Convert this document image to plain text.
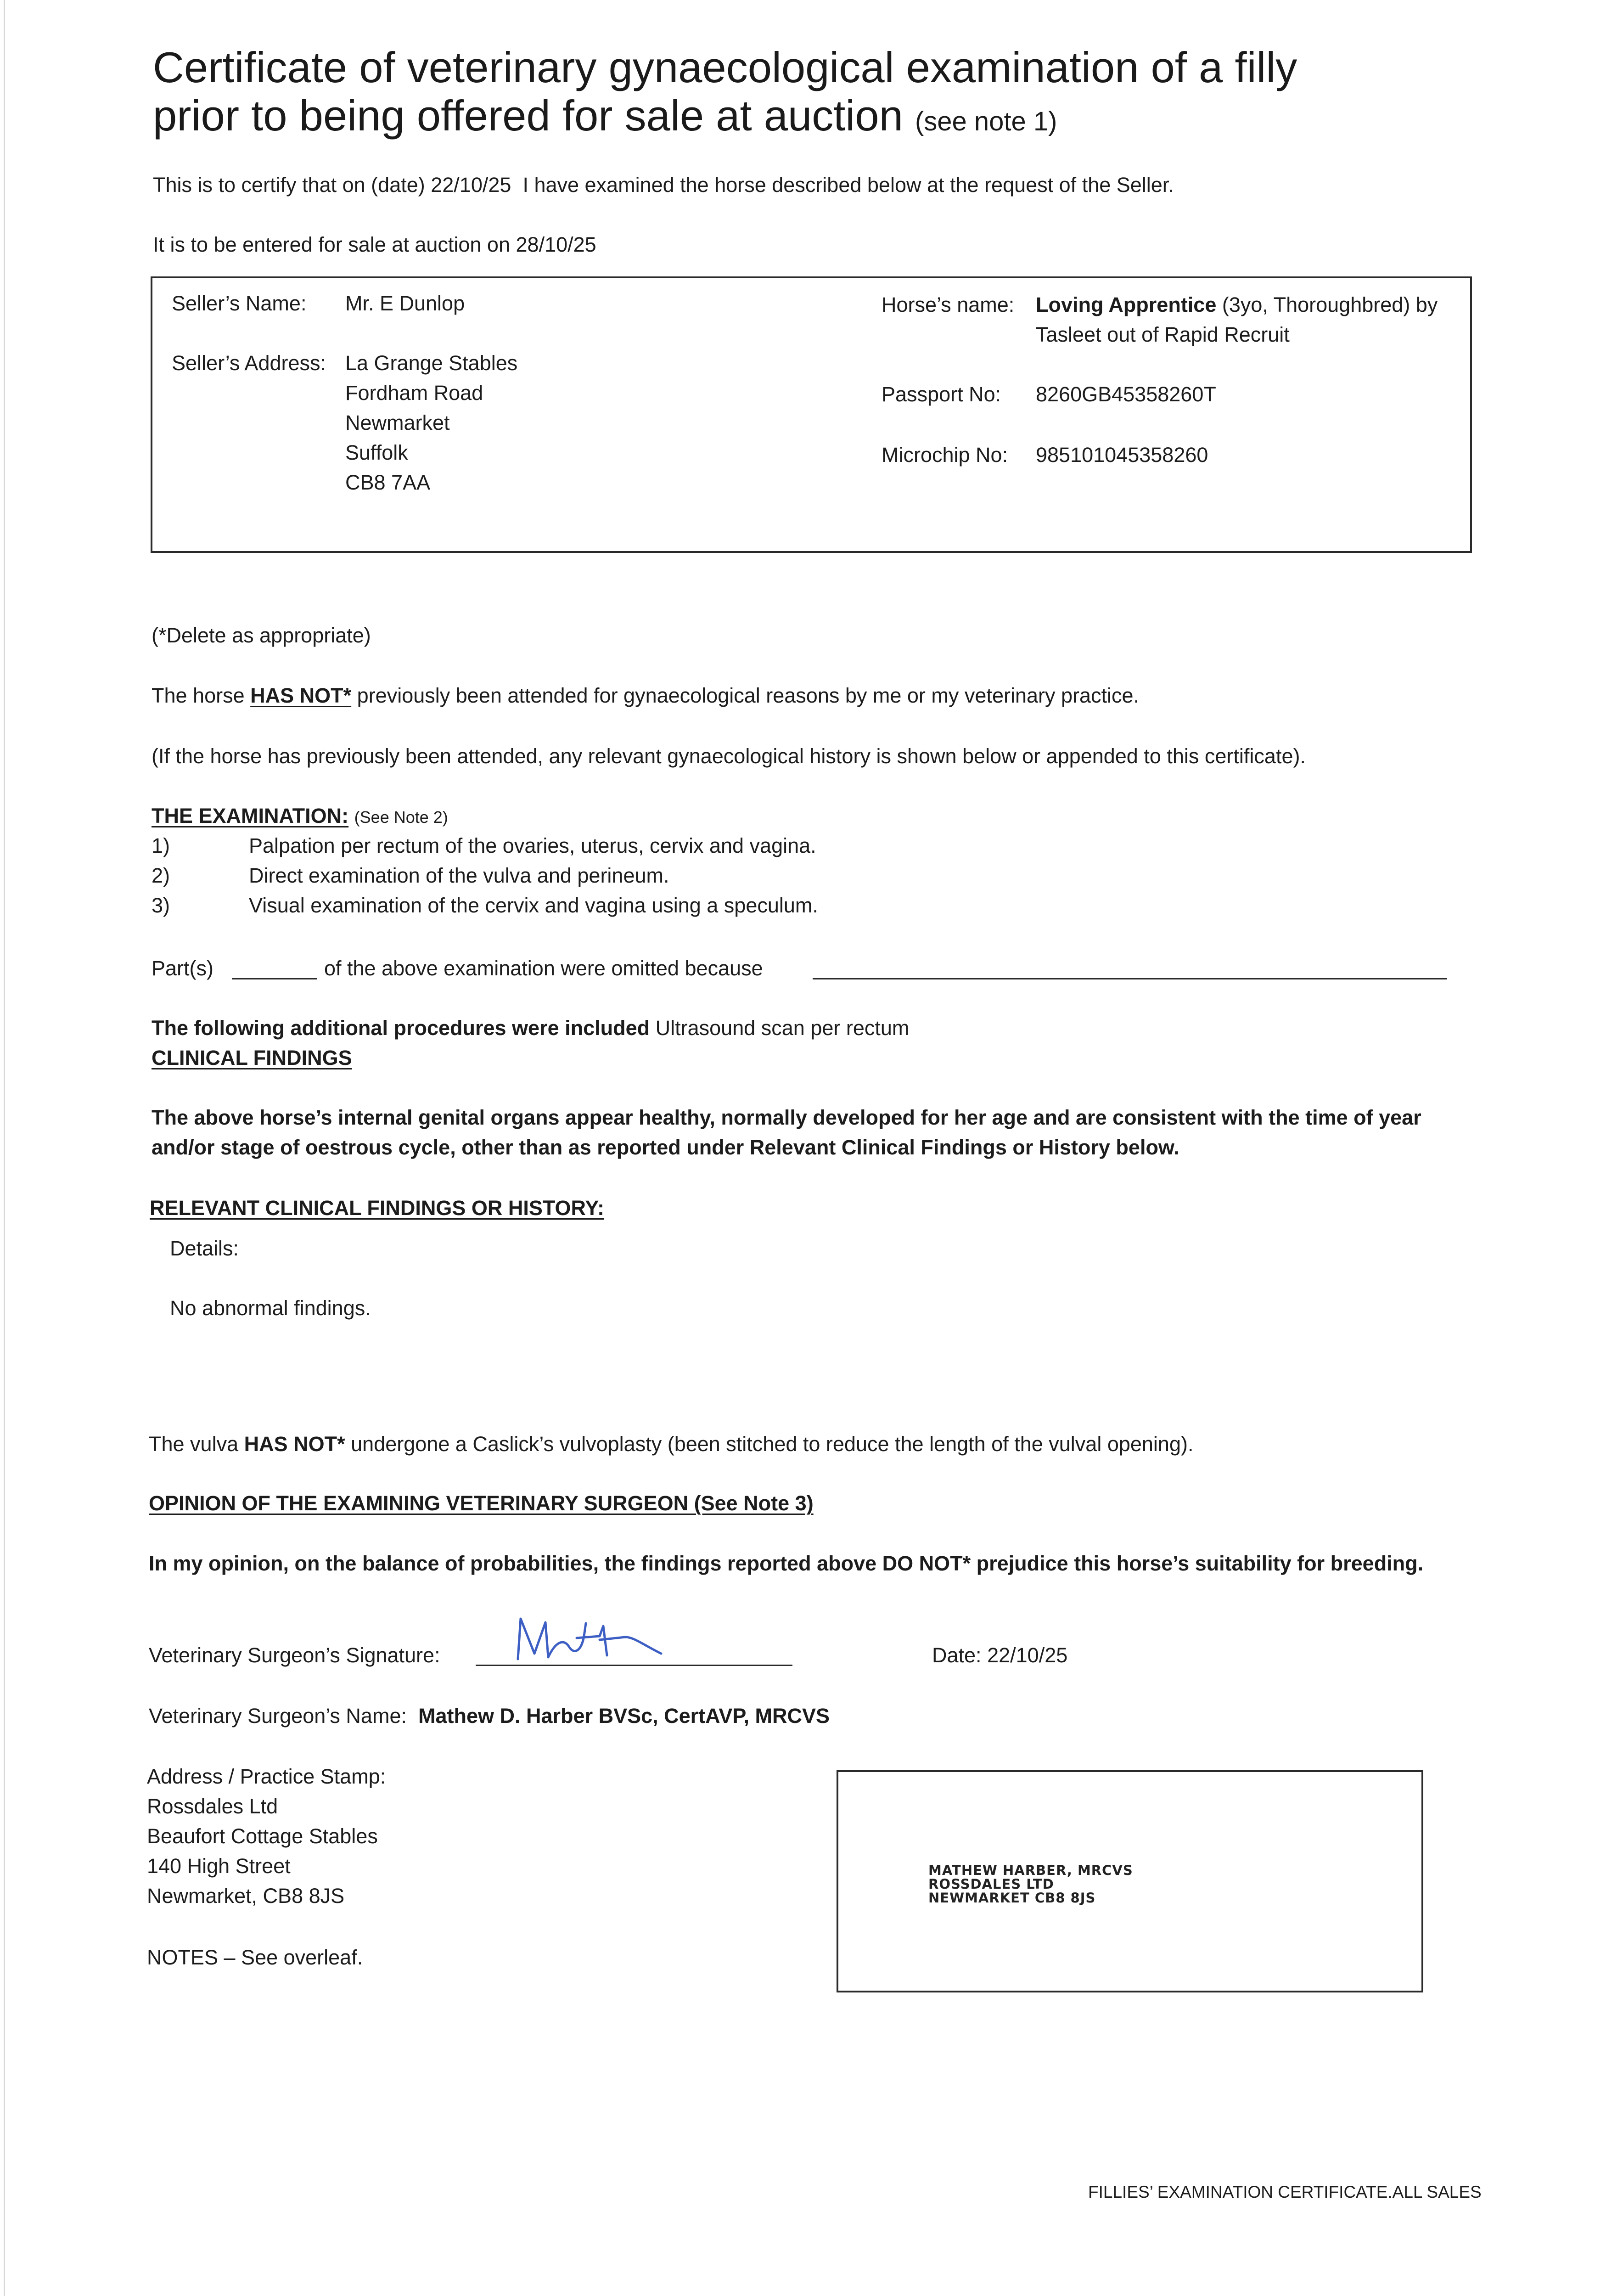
Certificate of veterinary gynaecological examination of a filly
prior to being offered for sale at auction (see note 1)
This is to certify that on (date) 22/10/25 I have examined the horse described below at the request of the Seller.
It is to be entered for sale at auction on 28/10/25
Seller’s Name: Mr. E Dunlop
Seller’s Address: La Grange Stables
Fordham Road
Newmarket
Suffolk
CB8 7AA
Horse’s name: Loving Apprentice (3yo, Thoroughbred) by
Tasleet out of Rapid Recruit
Passport No: 8260GB45358260T
Microchip No: 985101045358260
(*Delete as appropriate)
The horse HAS NOT* previously been attended for gynaecological reasons by me or my veterinary practice.
(If the horse has previously been attended, any relevant gynaecological history is shown below or appended to this certificate).
THE EXAMINATION: (See Note 2)
1)	Palpation per rectum of the ovaries, uterus, cervix and vagina.
2)	Direct examination of the vulva and perineum.
3)	Visual examination of the cervix and vagina using a speculum.
Part(s)	of the above examination were omitted because
The following additional procedures were included Ultrasound scan per rectum
CLINICAL FINDINGS
The above horse’s internal genital organs appear healthy, normally developed for her age and are consistent with the time of year
and/or stage of oestrous cycle, other than as reported under Relevant Clinical Findings or History below.
RELEVANT CLINICAL FINDINGS OR HISTORY:
Details:
No abnormal findings.
The vulva HAS NOT* undergone a Caslick’s vulvoplasty (been stitched to reduce the length of the vulval opening).
OPINION OF THE EXAMINING VETERINARY SURGEON (See Note 3)
In my opinion, on the balance of probabilities, the findings reported above DO NOT* prejudice this horse’s suitability for breeding.
Veterinary Surgeon’s Signature:	Date: 22/10/25
Veterinary Surgeon’s Name: Mathew D. Harber BVSc, CertAVP, MRCVS
Address / Practice Stamp:
Rossdales Ltd
Beaufort Cottage Stables
140 High Street
Newmarket, CB8 8JS
NOTES – See overleaf.
MATHEW HARBER, MRCVS
ROSSDALES LTD
NEWMARKET CB8 8JS
FILLIES’ EXAMINATION CERTIFICATE.ALL SALES
